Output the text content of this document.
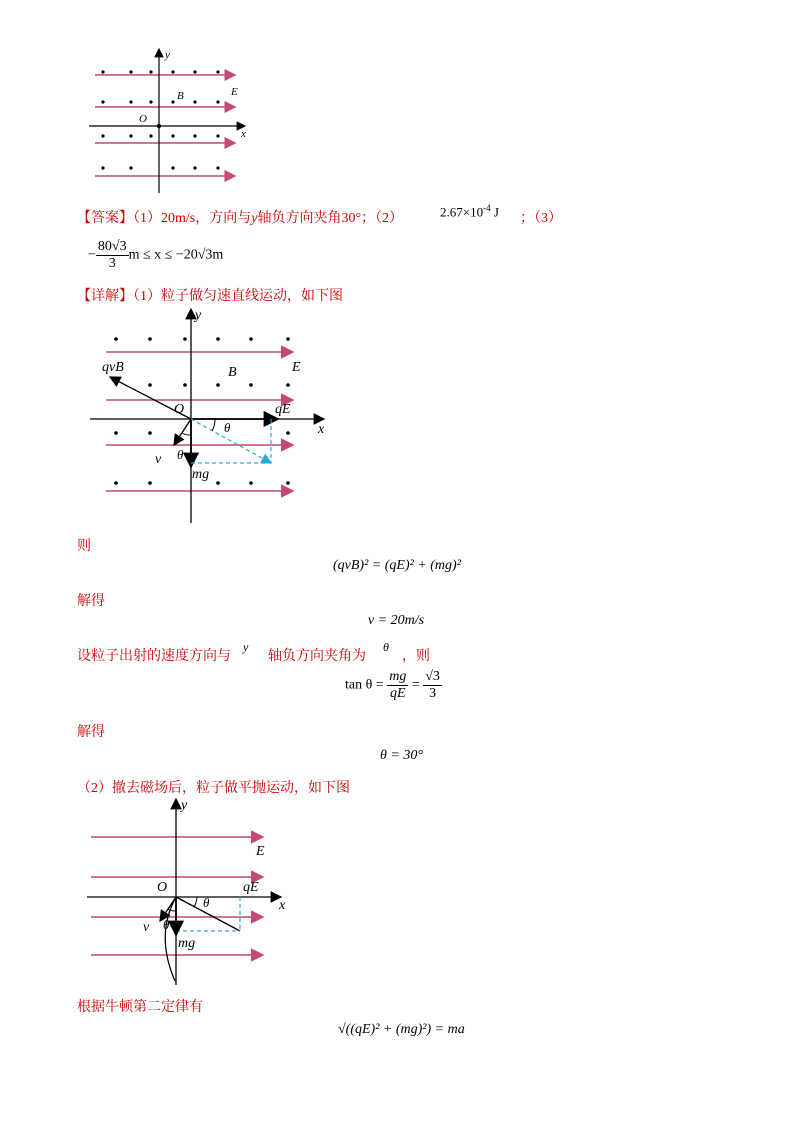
y
x
O
E
B
【答案】（1）20m/s，方向与y轴负方向夹角30°；（2）	$2.67\times 10^{-4}$ J ；（3）
− $\frac{80√3}{3}$ m ≤ x ≤ −20√3m
【详解】（1）粒子做匀速直线运动，如下图
y
x
O
E
B
qvB
qE
θ
v θ
mg
则
(qvB)² = (qE)² + (mg)²
解得
v = 20m/s
设粒子出射的速度方向与
y
轴负方向夹角为
θ
，则
$\tan \theta = \frac{mg}{qE} = \frac{√3}{3}$
解得
θ = 30°
（2）撤去磁场后，粒子做平抛运动，如下图
y
x
O
E
qE
θ
v θ
mg
根据牛顿第二定律有
√((qE)² + (mg)²) = ma
